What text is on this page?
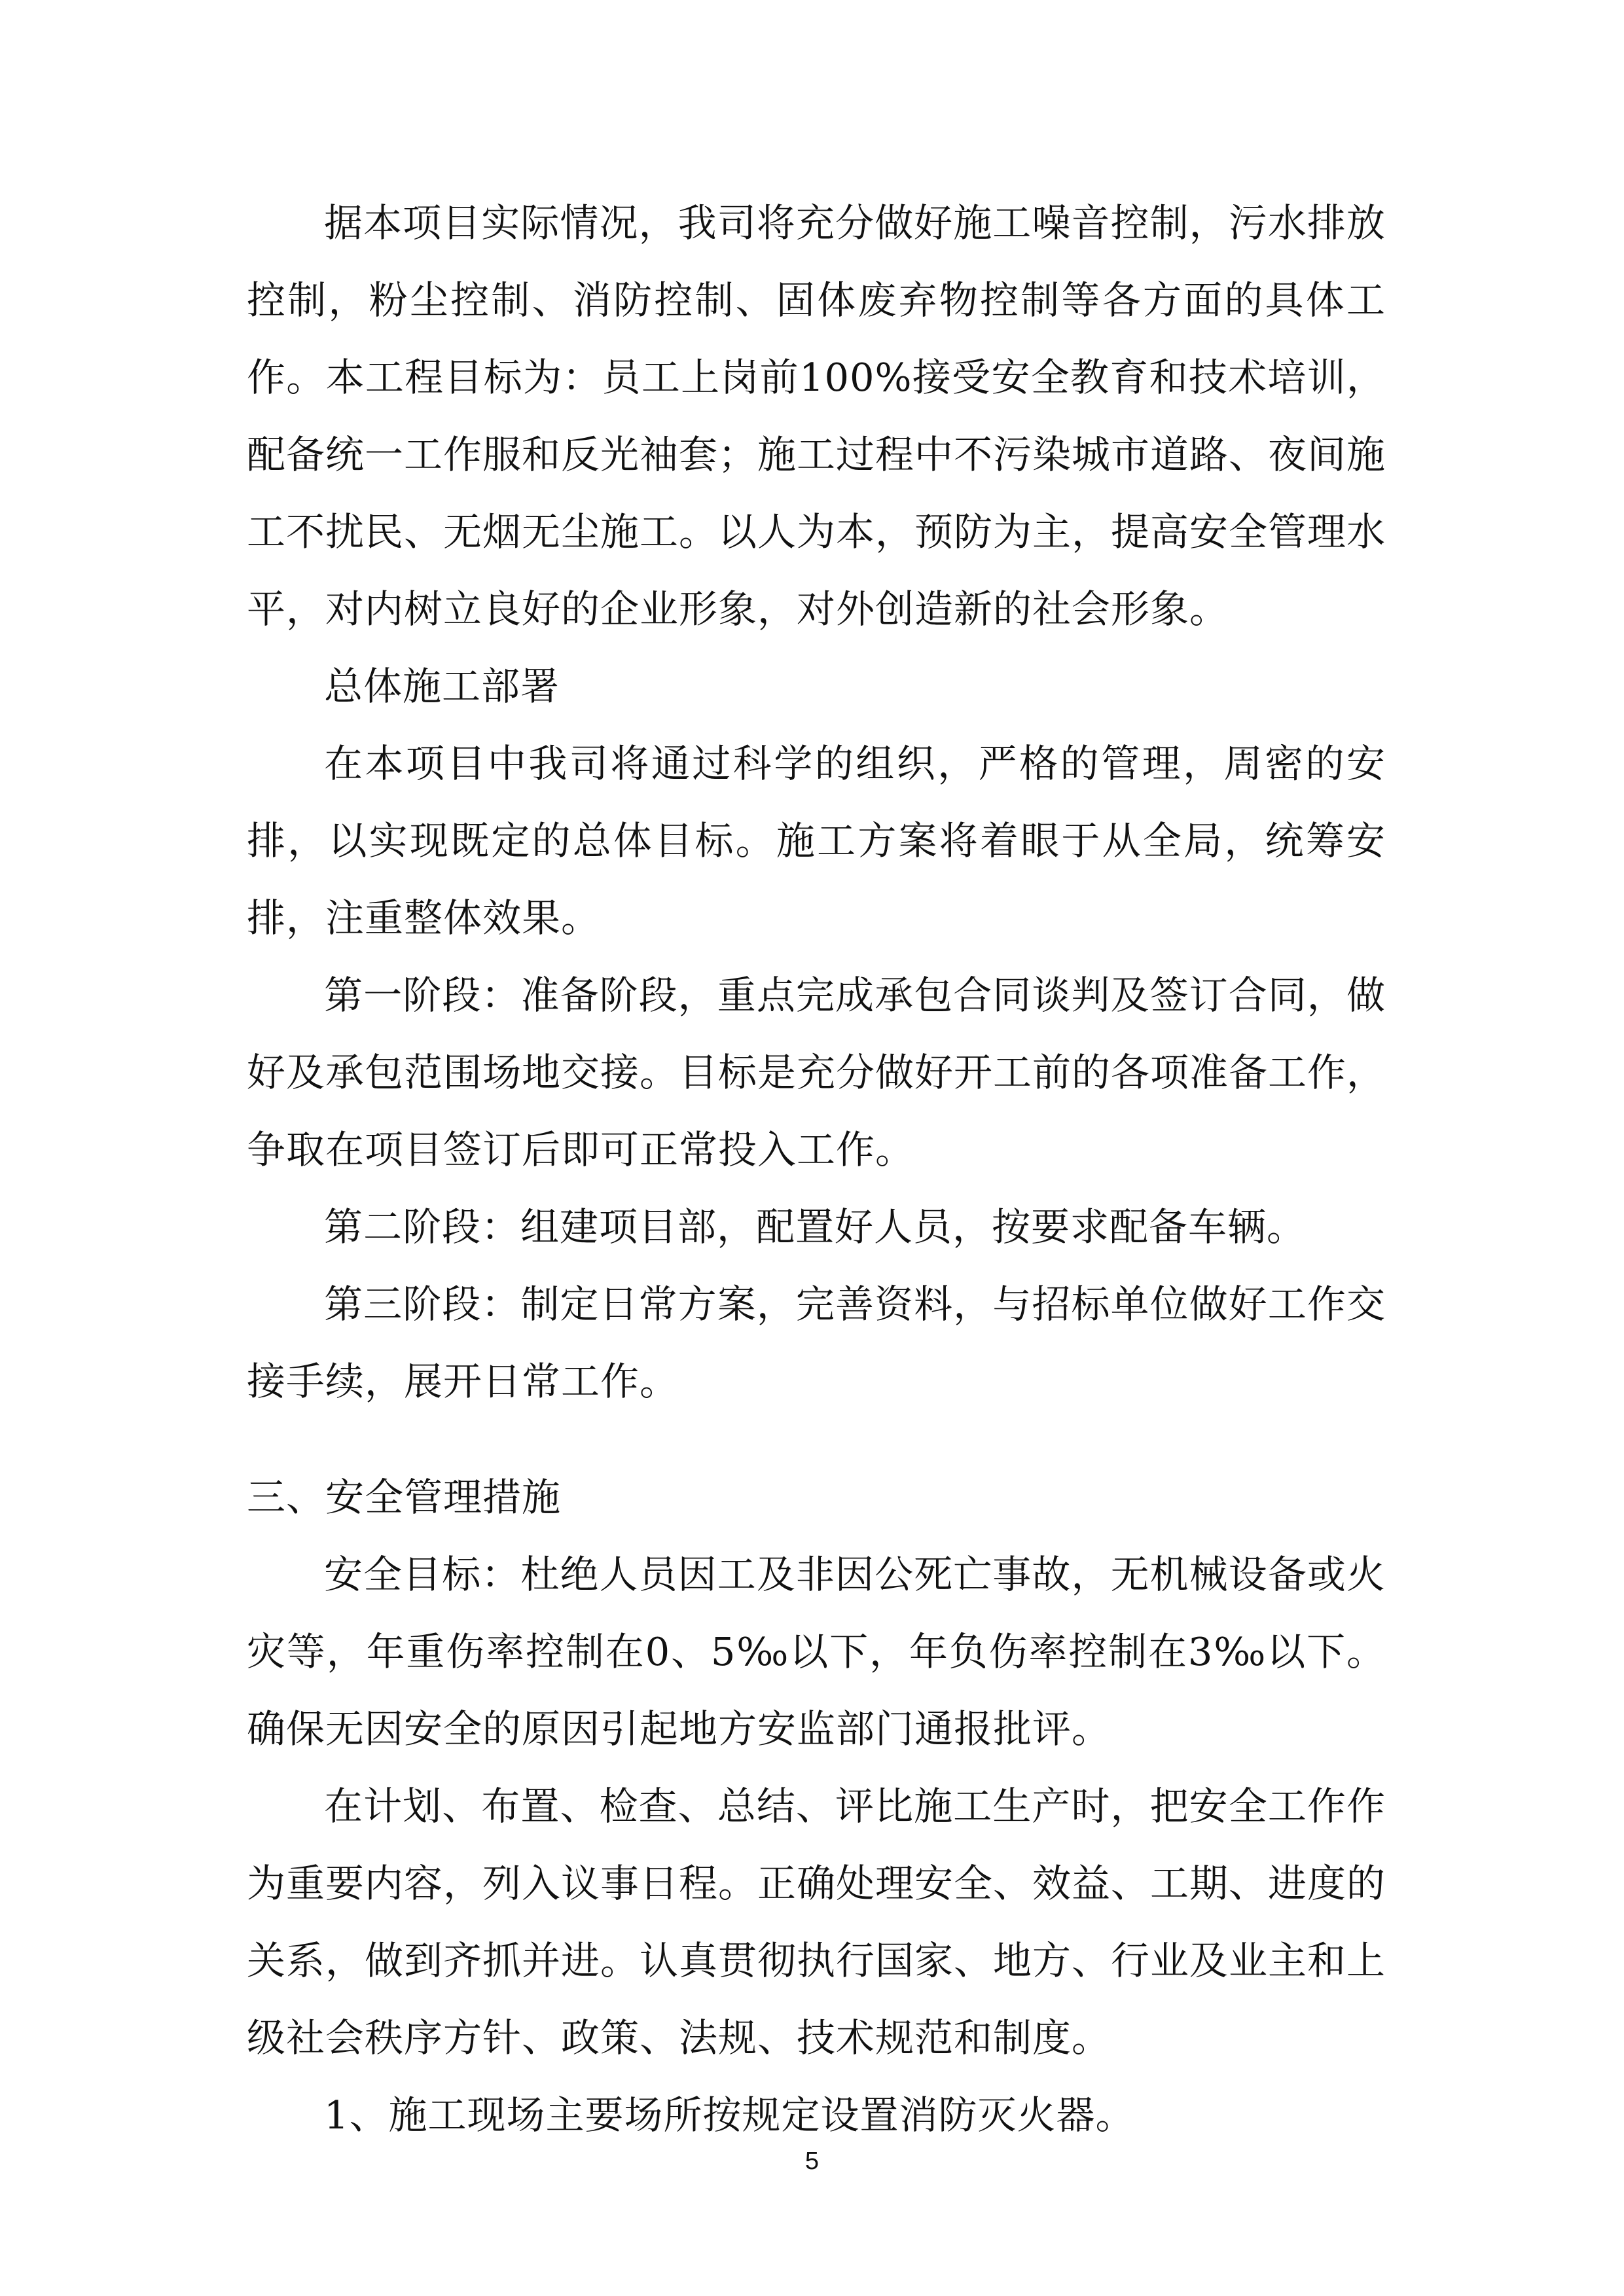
据本项目实际情况，我司将充分做好施工噪音控制，污水排放控制，粉尘控制、消防控制、固体废弃物控制等各方面的具体工作。本工程目标为：员工上岗前100%接受安全教育和技术培训，配备统一工作服和反光袖套；施工过程中不污染城市道路、夜间施工不扰民、无烟无尘施工。以人为本，预防为主，提高安全管理水平，对内树立良好的企业形象，对外创造新的社会形象。

总体施工部署

在本项目中我司将通过科学的组织，严格的管理，周密的安排，以实现既定的总体目标。施工方案将着眼于从全局，统筹安排，注重整体效果。

第一阶段：准备阶段，重点完成承包合同谈判及签订合同，做好及承包范围场地交接。目标是充分做好开工前的各项准备工作，争取在项目签订后即可正常投入工作。

第二阶段：组建项目部，配置好人员，按要求配备车辆。

第三阶段：制定日常方案，完善资料，与招标单位做好工作交接手续，展开日常工作。

三、安全管理措施

安全目标：杜绝人员因工及非因公死亡事故，无机械设备或火灾等，年重伤率控制在0、5‰以下，年负伤率控制在3‰以下。确保无因安全的原因引起地方安监部门通报批评。

在计划、布置、检查、总结、评比施工生产时，把安全工作作为重要内容，列入议事日程。正确处理安全、效益、工期、进度的关系，做到齐抓并进。认真贯彻执行国家、地方、行业及业主和上级社会秩序方针、政策、法规、技术规范和制度。

1、施工现场主要场所按规定设置消防灭火器。

5
